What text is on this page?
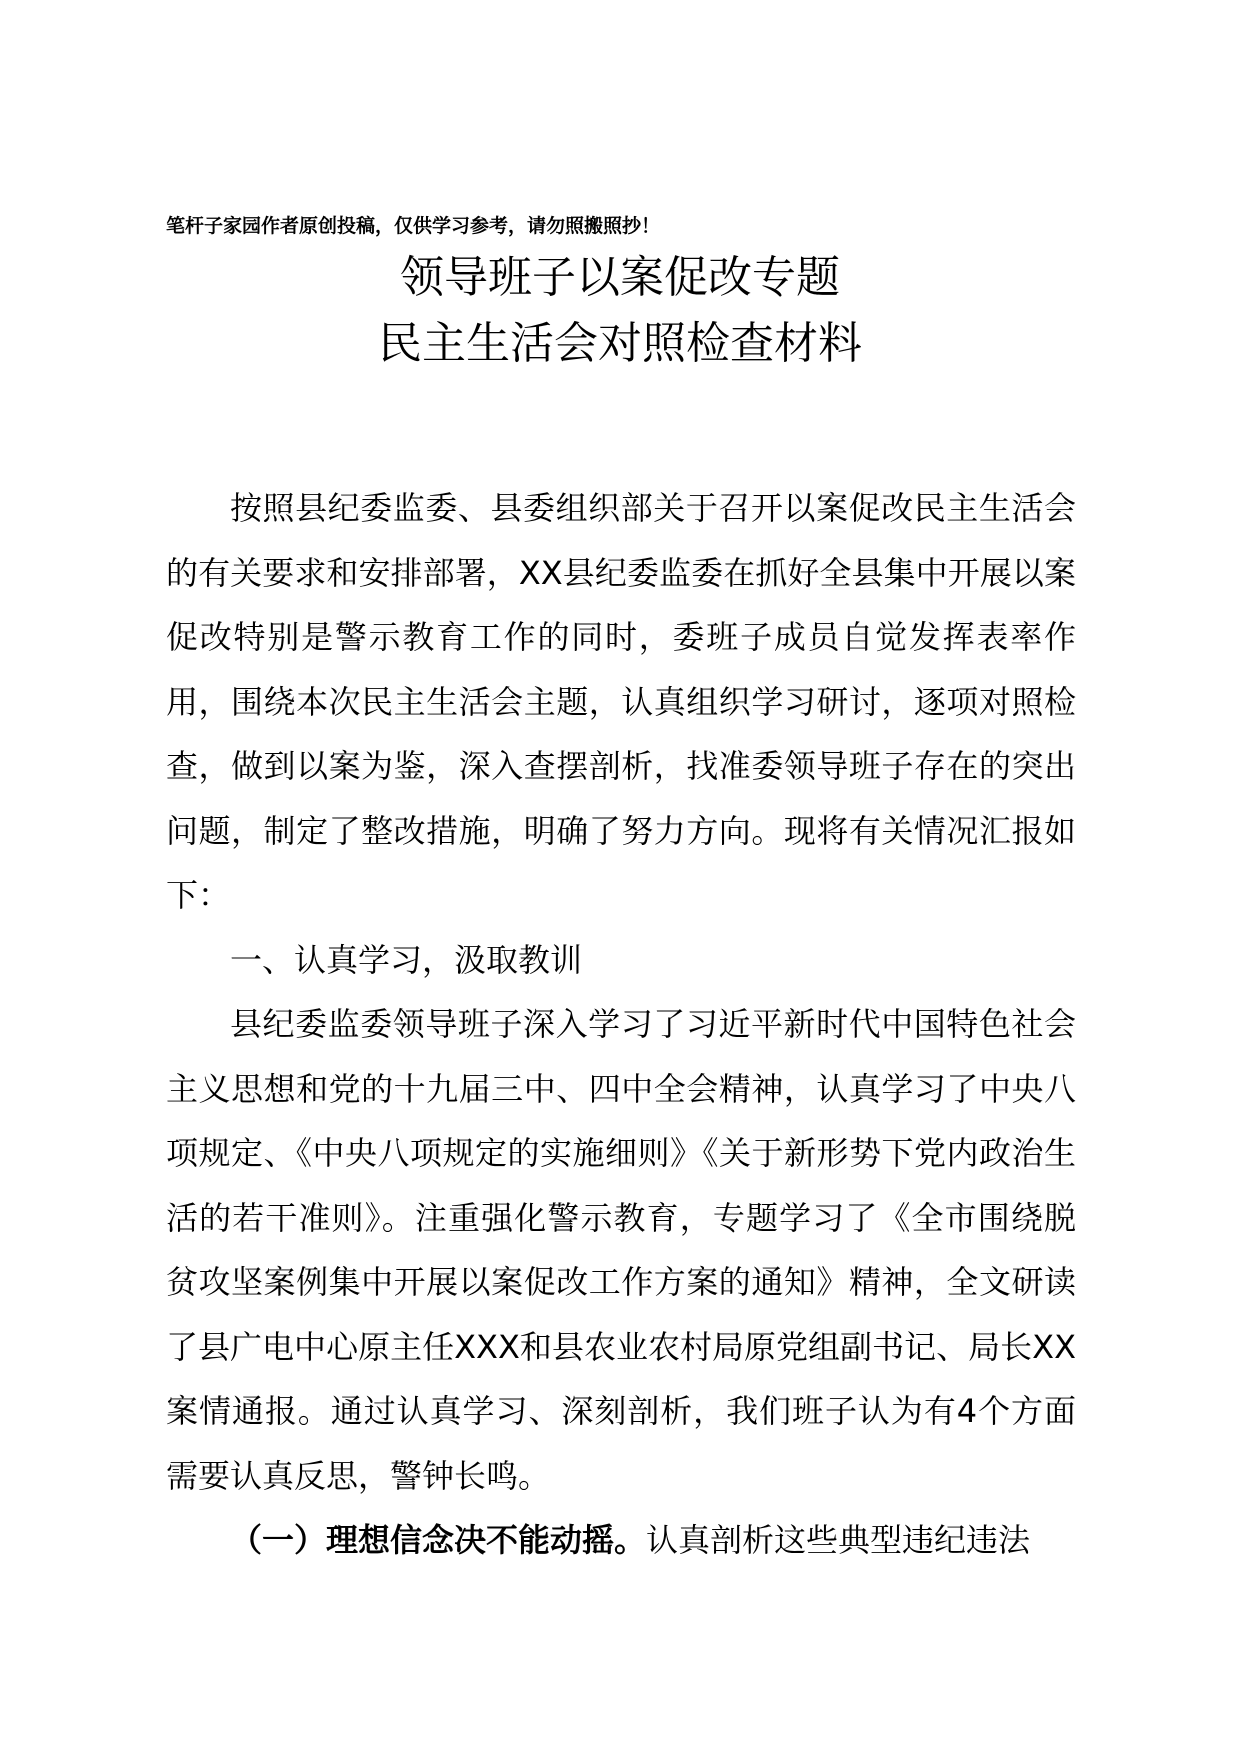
笔杆子家园作者原创投稿，仅供学习参考，请勿照搬照抄！
领导班子以案促改专题
民主生活会对照检查材料

按照县纪委监委、县委组织部关于召开以案促改民主生活会的有关要求和安排部署，XX县纪委监委在抓好全县集中开展以案促改特别是警示教育工作的同时，委班子成员自觉发挥表率作用，围绕本次民主生活会主题，认真组织学习研讨，逐项对照检查，做到以案为鉴，深入查摆剖析，找准委领导班子存在的突出问题，制定了整改措施，明确了努力方向。现将有关情况汇报如下：

一、认真学习，汲取教训

县纪委监委领导班子深入学习了习近平新时代中国特色社会主义思想和党的十九届三中、四中全会精神，认真学习了中央八项规定、《中央八项规定的实施细则》《关于新形势下党内政治生活的若干准则》。注重强化警示教育，专题学习了《全市围绕脱贫攻坚案例集中开展以案促改工作方案的通知》精神，全文研读了县广电中心原主任XXX和县农业农村局原党组副书记、局长XX案情通报。通过认真学习、深刻剖析，我们班子认为有4个方面需要认真反思，警钟长鸣。

（一）理想信念决不能动摇。认真剖析这些典型违纪违法
